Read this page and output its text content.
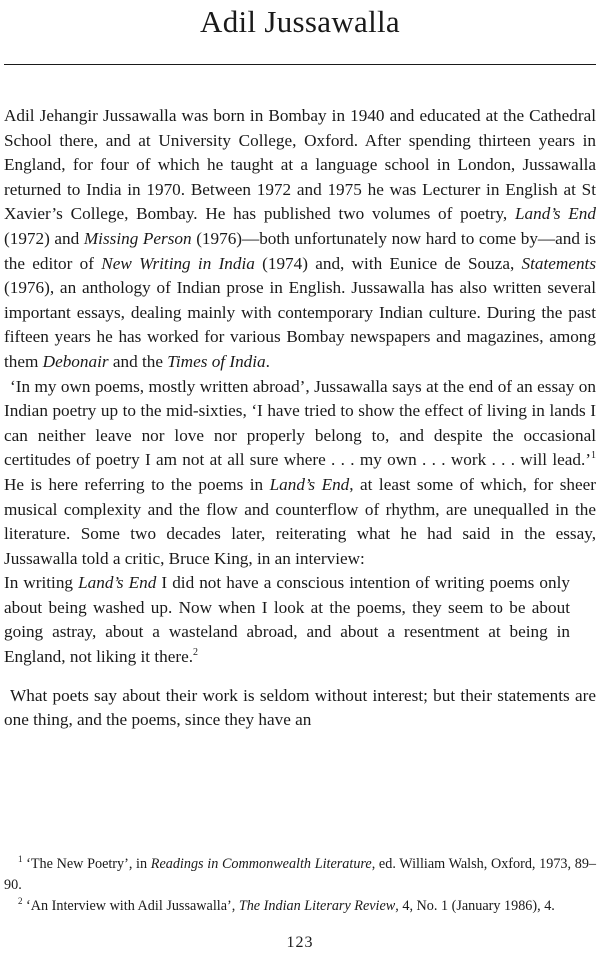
Adil Jussawalla

Adil Jehangir Jussawalla was born in Bombay in 1940 and educated at the Cathedral School there, and at University College, Oxford. After spending thirteen years in England, for four of which he taught at a language school in London, Jussawalla returned to India in 1970. Between 1972 and 1975 he was Lecturer in English at St Xavier’s College, Bombay. He has published two volumes of poetry, Land’s End (1972) and Missing Person (1976)—both unfortunately now hard to come by—and is the editor of New Writing in India (1974) and, with Eunice de Souza, Statements (1976), an anthology of Indian prose in English. Jussawalla has also written several important essays, dealing mainly with contemporary Indian culture. During the past fifteen years he has worked for various Bombay newspapers and magazines, among them Debonair and the Times of India.

‘In my own poems, mostly written abroad’, Jussawalla says at the end of an essay on Indian poetry up to the mid-sixties, ‘I have tried to show the effect of living in lands I can neither leave nor love nor properly belong to, and despite the occasional certitudes of poetry I am not at all sure where . . . my own . . . work . . . will lead.’$^1$ He is here referring to the poems in Land’s End, at least some of which, for sheer musical complexity and the flow and counterflow of rhythm, are unequalled in the literature. Some two decades later, reiterating what he had said in the essay, Jussawalla told a critic, Bruce King, in an interview:

In writing Land’s End I did not have a conscious intention of writing poems only about being washed up. Now when I look at the poems, they seem to be about going astray, about a wasteland abroad, and about a resentment at being in England, not liking it there.$^2$

What poets say about their work is seldom without interest; but their statements are one thing, and the poems, since they have an

$^1$ ‘The New Poetry’, in Readings in Commonwealth Literature, ed. William Walsh, Oxford, 1973, 89–90.

$^2$ ‘An Interview with Adil Jussawalla’, The Indian Literary Review, 4, No. 1 (January 1986), 4.

123
